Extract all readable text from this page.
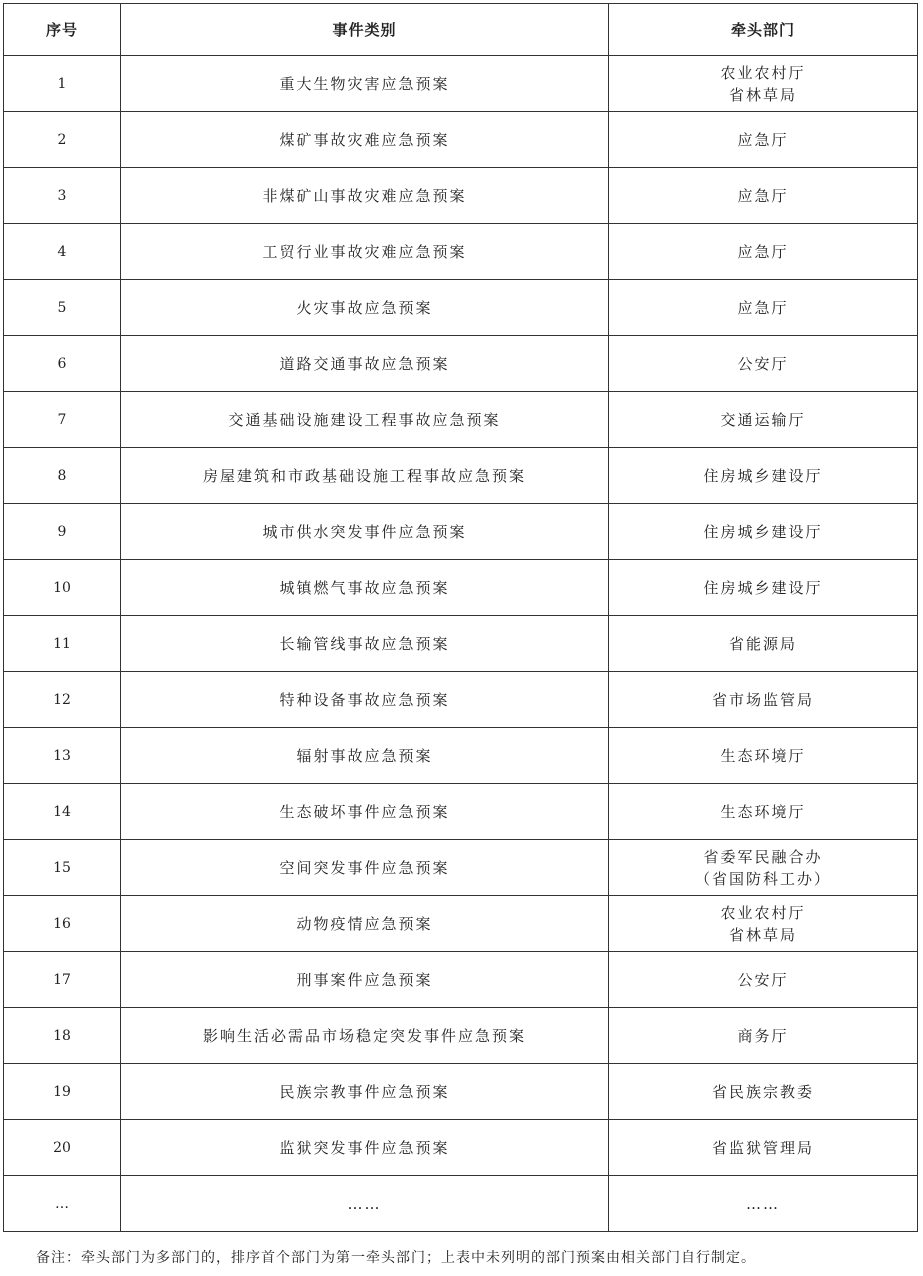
序号	事件类别	牵头部门
1	重大生物灾害应急预案	农业农村厅
省林草局

2	煤矿事故灾难应急预案	应急厅

3	非煤矿山事故灾难应急预案	应急厅

4	工贸行业事故灾难应急预案	应急厅

5	火灾事故应急预案	应急厅

6	道路交通事故应急预案	公安厅

7	交通基础设施建设工程事故应急预案	交通运输厅

8	房屋建筑和市政基础设施工程事故应急预案	住房城乡建设厅

9	城市供水突发事件应急预案	住房城乡建设厅

10	城镇燃气事故应急预案	住房城乡建设厅

11	长输管线事故应急预案	省能源局

12	特种设备事故应急预案	省市场监管局

13	辐射事故应急预案	生态环境厅

14	生态破坏事件应急预案	生态环境厅

15	空间突发事件应急预案	省委军民融合办
（省国防科工办）

16	动物疫情应急预案	农业农村厅
省林草局

17	刑事案件应急预案	公安厅

18	影响生活必需品市场稳定突发事件应急预案	商务厅

19	民族宗教事件应急预案	省民族宗教委

20	监狱突发事件应急预案	省监狱管理局

…	……	……
备注：牵头部门为多部门的，排序首个部门为第一牵头部门；上表中未列明的部门预案由相关部门自行制定。
